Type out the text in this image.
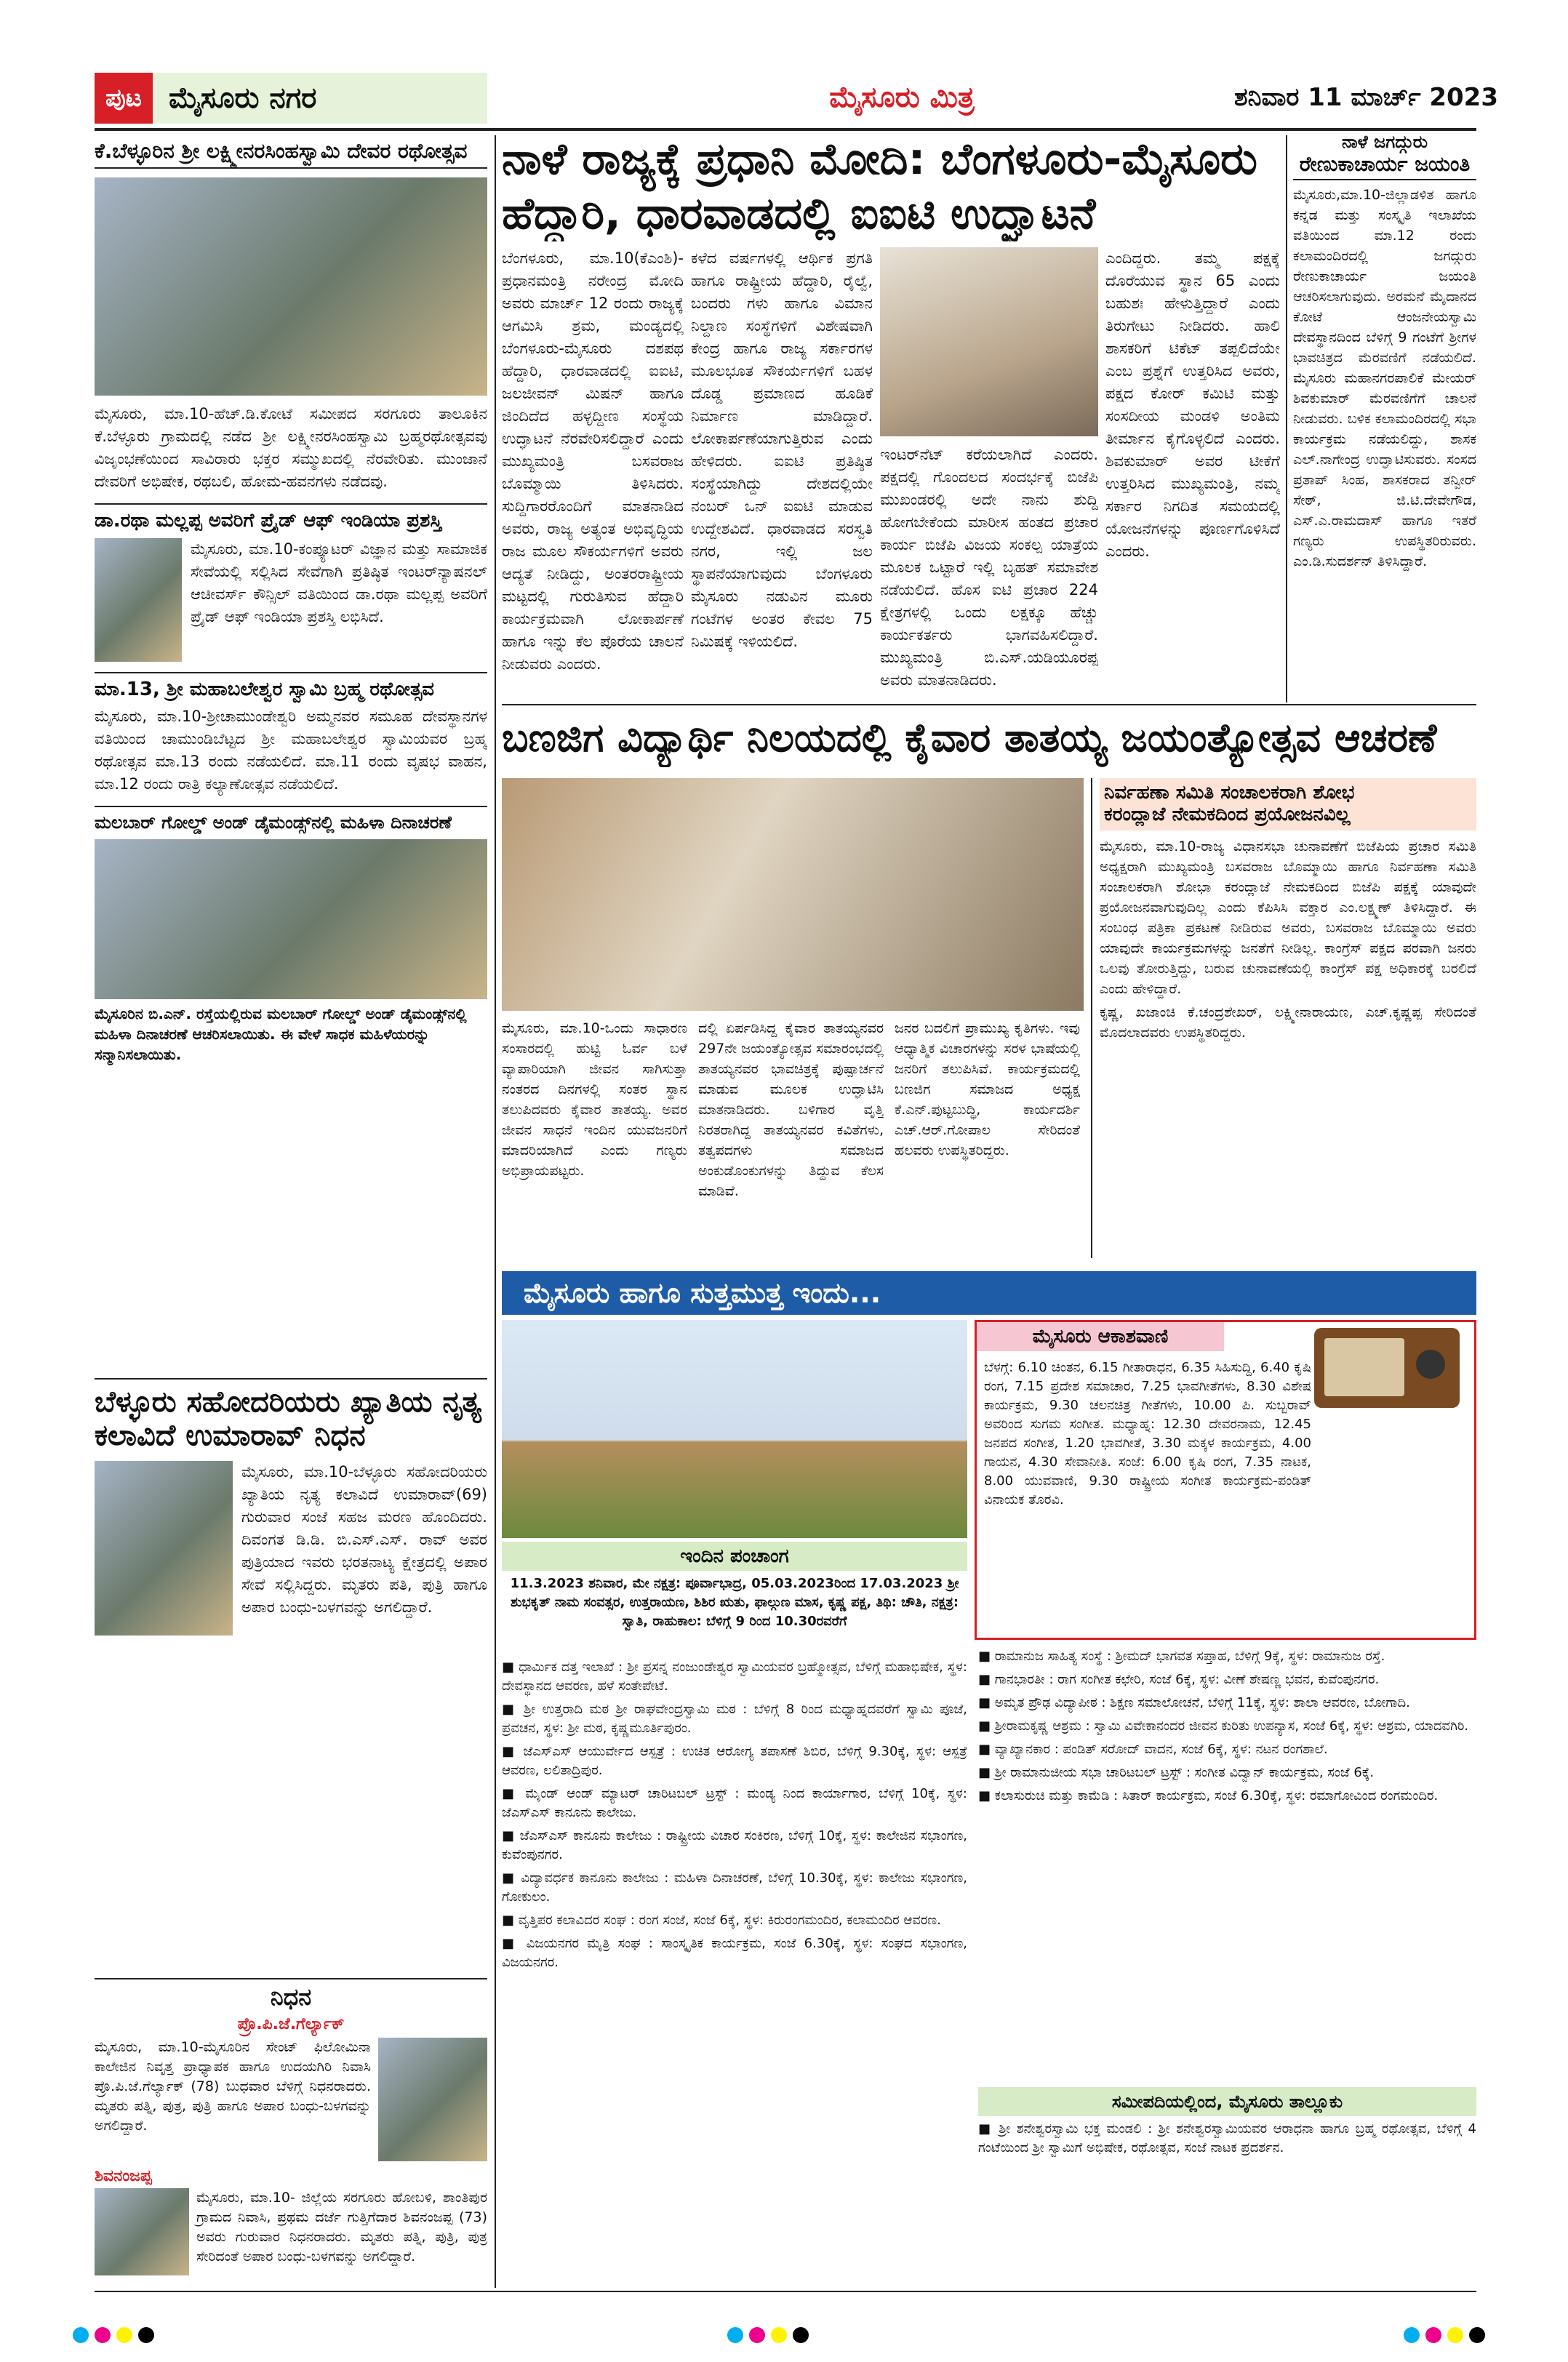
ಪುಟ ಮೈಸೂರು ನಗರ	ಮೈಸೂರು ಮಿತ್ರ	ಶನಿವಾರ 11 ಮಾರ್ಚ್ 2023
ಕೆ.ಬೆಳ್ಳೂರಿನ ಶ್ರೀ ಲಕ್ಷ್ಮೀನರಸಿಂಹಸ್ವಾಮಿ ದೇವರ ರಥೋತ್ಸವ
ಮೈಸೂರು, ಮಾ.10-ಹೆಚ್.ಡಿ.ಕೋಟೆ ಸಮೀಪದ ಸರಗೂರು ತಾಲೂಕಿನ ಕೆ.ಬೆಳ್ಳೂರು ಗ್ರಾಮದಲ್ಲಿ ನಡೆದ ಶ್ರೀ ಲಕ್ಷ್ಮೀನರಸಿಂಹಸ್ವಾಮಿ ಬ್ರಹ್ಮರಥೋತ್ಸವವು ವಿಜೃಂಭಣೆಯಿಂದ ಸಾವಿರಾರು ಭಕ್ತರ ಸಮ್ಮುಖದಲ್ಲಿ ನೆರವೇರಿತು. ಮುಂಜಾನೆ ದೇವರಿಗೆ ಅಭಿಷೇಕ, ರಥಬಲಿ, ಹೋಮ-ಹವನಗಳು ನಡೆದವು.
ಡಾ.ರಥಾ ಮಲ್ಲಪ್ಪ ಅವರಿಗೆ ಪ್ರೈಡ್ ಆಫ್ ಇಂಡಿಯಾ ಪ್ರಶಸ್ತಿ
ಮೈಸೂರು, ಮಾ.10-ಕಂಪ್ಯೂಟರ್ ವಿಜ್ಞಾನ ಮತ್ತು ಸಾಮಾಜಿಕ ಸೇವೆಯಲ್ಲಿ ಸಲ್ಲಿಸಿದ ಸೇವೆಗಾಗಿ ಪ್ರತಿಷ್ಠಿತ ಇಂಟರ್‌ನ್ಯಾಷನಲ್ ಆಚೀವರ್ಸ್ ಕೌನ್ಸಿಲ್ ವತಿಯಿಂದ ಡಾ.ರಥಾ ಮಲ್ಲಪ್ಪ ಅವರಿಗೆ ಪ್ರೈಡ್ ಆಫ್ ಇಂಡಿಯಾ ಪ್ರಶಸ್ತಿ ಲಭಿಸಿದೆ.
ಮಾ.13, ಶ್ರೀ ಮಹಾಬಲೇಶ್ವರ ಸ್ವಾಮಿ ಬ್ರಹ್ಮ ರಥೋತ್ಸವ
ಮೈಸೂರು, ಮಾ.10-ಶ್ರೀಚಾಮುಂಡೇಶ್ವರಿ ಅಮ್ಮನವರ ಸಮೂಹ ದೇವಸ್ಥಾನಗಳ ವತಿಯಿಂದ ಚಾಮುಂಡಿಬೆಟ್ಟದ ಶ್ರೀ ಮಹಾಬಲೇಶ್ವರ ಸ್ವಾಮಿಯವರ ಬ್ರಹ್ಮ ರಥೋತ್ಸವ ಮಾ.13 ರಂದು ನಡೆಯಲಿದೆ. ಮಾ.11 ರಂದು ವೃಷಭ ವಾಹನ, ಮಾ.12 ರಂದು ರಾತ್ರಿ ಕಲ್ಯಾಣೋತ್ಸವ ನಡೆಯಲಿದೆ.
ಮಲಬಾರ್ ಗೋಲ್ಡ್ ಅಂಡ್ ಡೈಮಂಡ್ಸ್‌ನಲ್ಲಿ ಮಹಿಳಾ ದಿನಾಚರಣೆ
ಮೈಸೂರಿನ ಬಿ.ಎನ್. ರಸ್ತೆಯಲ್ಲಿರುವ ಮಲಬಾರ್ ಗೋಲ್ಡ್ ಅಂಡ್ ಡೈಮಂಡ್ಸ್‌ನಲ್ಲಿ ಮಹಿಳಾ ದಿನಾಚರಣೆ ಆಚರಿಸಲಾಯಿತು. ಈ ವೇಳೆ ಸಾಧಕ ಮಹಿಳೆಯರನ್ನು ಸನ್ಮಾನಿಸಲಾಯಿತು.
ಬೆಳ್ಳೂರು ಸಹೋದರಿಯರು ಖ್ಯಾತಿಯ ನೃತ್ಯ ಕಲಾವಿದೆ ಉಮಾರಾವ್ ನಿಧನ
ಮೈಸೂರು, ಮಾ.10-ಬೆಳ್ಳೂರು ಸಹೋದರಿಯರು ಖ್ಯಾತಿಯ ನೃತ್ಯ ಕಲಾವಿದೆ ಉಮಾರಾವ್(69) ಗುರುವಾರ ಸಂಜೆ ಸಹಜ ಮರಣ ಹೊಂದಿದರು. ದಿವಂಗತ ಡಿ.ಡಿ. ಬಿ.ಎಸ್.ಎಸ್. ರಾವ್ ಅವರ ಪುತ್ರಿಯಾದ ಇವರು ಭರತನಾಟ್ಯ ಕ್ಷೇತ್ರದಲ್ಲಿ ಅಪಾರ ಸೇವೆ ಸಲ್ಲಿಸಿದ್ದರು. ಮೃತರು ಪತಿ, ಪುತ್ರಿ ಹಾಗೂ ಅಪಾರ ಬಂಧು-ಬಳಗವನ್ನು ಅಗಲಿದ್ದಾರೆ.
ನಿಧನ
ಪ್ರೊ.ಪಿ.ಜೆ.ಗೆರ್ಲ್ಯಾಕ್
ಮೈಸೂರು, ಮಾ.10-ಮೈಸೂರಿನ ಸೇಂಟ್ ಫಿಲೋಮಿನಾ ಕಾಲೇಜಿನ ನಿವೃತ್ತ ಪ್ರಾಧ್ಯಾಪಕ ಹಾಗೂ ಉದಯಗಿರಿ ನಿವಾಸಿ ಪ್ರೊ.ಪಿ.ಜೆ.ಗೆರ್ಲ್ಯಾಕ್ (78) ಬುಧವಾರ ಬೆಳಿಗ್ಗೆ ನಿಧನರಾದರು. ಮೃತರು ಪತ್ನಿ, ಪುತ್ರ, ಪುತ್ರಿ ಹಾಗೂ ಅಪಾರ ಬಂಧು-ಬಳಗವನ್ನು ಅಗಲಿದ್ದಾರೆ.
ಶಿವನಂಜಪ್ಪ
ಮೈಸೂರು, ಮಾ.10- ಜಿಲ್ಲೆಯ ಸರಗೂರು ಹೋಬಳಿ, ಶಾಂತಿಪುರ ಗ್ರಾಮದ ನಿವಾಸಿ, ಪ್ರಥಮ ದರ್ಜೆ ಗುತ್ತಿಗೆದಾರ ಶಿವನಂಜಪ್ಪ (73) ಅವರು ಗುರುವಾರ ನಿಧನರಾದರು. ಮೃತರು ಪತ್ನಿ, ಪುತ್ರಿ, ಪುತ್ರ ಸೇರಿದಂತೆ ಅಪಾರ ಬಂಧು-ಬಳಗವನ್ನು ಅಗಲಿದ್ದಾರೆ.
ನಾಳೆ ರಾಜ್ಯಕ್ಕೆ ಪ್ರಧಾನಿ ಮೋದಿ: ಬೆಂಗಳೂರು-ಮೈಸೂರು
ಹೆದ್ದಾರಿ, ಧಾರವಾಡದಲ್ಲಿ ಐಐಟಿ ಉದ್ಘಾಟನೆ
ಬೆಂಗಳೂರು, ಮಾ.10(ಕೆಎಂಶಿ)- ಪ್ರಧಾನಮಂತ್ರಿ ನರೇಂದ್ರ ಮೋದಿ ಅವರು ಮಾರ್ಚ್ 12 ರಂದು ರಾಜ್ಯಕ್ಕೆ ಆಗಮಿಸಿ ಶ್ರಮ, ಮಂಡ್ಯದಲ್ಲಿ ಬೆಂಗಳೂರು-ಮೈಸೂರು ದಶಪಥ ಹೆದ್ದಾರಿ, ಧಾರವಾಡದಲ್ಲಿ ಐಐಟಿ, ಜಲಜೀವನ್ ಮಿಷನ್ ಹಾಗೂ ಜಿಂದಿದೆದ ಹಳ್ಳದ್ದೀಣ ಸಂಸ್ಥೆಯ ಉದ್ಘಾಟನೆ ನೆರವೇರಿಸಲಿದ್ದಾರೆ ಎಂದು ಮುಖ್ಯಮಂತ್ರಿ ಬಸವರಾಜ ಬೊಮ್ಮಾಯಿ ತಿಳಿಸಿದರು. ಸುದ್ದಿಗಾರರೊಂದಿಗೆ ಮಾತನಾಡಿದ ಅವರು, ರಾಜ್ಯ ಅತ್ಯಂತ ಅಭಿವೃದ್ಧಿಯ ರಾಜ ಮೂಲ ಸೌಕರ್ಯಗಳಿಗೆ ಅವರು ಆದ್ಯತೆ ನೀಡಿದ್ದು, ಅಂತರರಾಷ್ಟ್ರೀಯ ಮಟ್ಟದಲ್ಲಿ ಗುರುತಿಸುವ ಹೆದ್ದಾರಿ ಕಾರ್ಯಕ್ರಮವಾಗಿ ಲೋಕಾರ್ಪಣೆ ಹಾಗೂ ಇನ್ನು ಕೆಲ ಪೊರೆಯ ಚಾಲನೆ ನೀಡುವರು ಎಂದರು.
ಕಳೆದ ವರ್ಷಗಳಲ್ಲಿ ಆರ್ಥಿಕ ಪ್ರಗತಿ ಹಾಗೂ ರಾಷ್ಟ್ರೀಯ ಹೆದ್ದಾರಿ, ರೈಲ್ವೆ, ಬಂದರು ಗಳು ಹಾಗೂ ವಿಮಾನ ನಿಲ್ದಾಣ ಸಂಸ್ಥೆಗಳಿಗೆ ವಿಶೇಷವಾಗಿ ಕೇಂದ್ರ ಹಾಗೂ ರಾಜ್ಯ ಸರ್ಕಾರಗಳ ಮೂಲಭೂತ ಸೌಕರ್ಯಗಳಿಗೆ ಬಹಳ ದೊಡ್ಡ ಪ್ರಮಾಣದ ಹೂಡಿಕೆ ನಿರ್ಮಾಣ ಮಾಡಿದ್ದಾರೆ. ಲೋಕಾರ್ಪಣೆಯಾಗುತ್ತಿರುವ ಎಂದು ಹೇಳಿದರು. ಐಐಟಿ ಪ್ರತಿಷ್ಠಿತ ಸಂಸ್ಥೆಯಾಗಿದ್ದು ದೇಶದಲ್ಲಿಯೇ ನಂಬರ್ ಒನ್ ಐಐಟಿ ಮಾಡುವ ಉದ್ದೇಶವಿದೆ. ಧಾರವಾಡದ ಸರಸ್ವತಿ ನಗರ, ಇಲ್ಲಿ ಜಲ ಸ್ಥಾಪನೆಯಾಗುವುದು ಬೆಂಗಳೂರು ಮೈಸೂರು ನಡುವಿನ ಮೂರು ಗಂಟೆಗಳ ಅಂತರ ಕೇವಲ 75 ನಿಮಿಷಕ್ಕೆ ಇಳಿಯಲಿದೆ.
ಇಂಟರ್‌ನೆಟ್ ಕರೆಯಲಾಗಿದೆ ಎಂದರು. ಪಕ್ಷದಲ್ಲಿ ಗೊಂದಲದ ಸಂದರ್ಭಕ್ಕೆ ಬಿಜೆಪಿ ಮುಖಂಡರಲ್ಲಿ ಅದೇ ನಾನು ಶುದ್ದಿ ಹೋಗಬೇಕೆಂದು ಮಾರೀಸ ಹಂತದ ಪ್ರಚಾರ ಕಾರ್ಯ ಬಿಜೆಪಿ ವಿಜಯ ಸಂಕಲ್ಪ ಯಾತ್ರೆಯ ಮೂಲಕ ಒಟ್ಟಾರೆ ಇಲ್ಲಿ ಬೃಹತ್ ಸಮಾವೇಶ ನಡೆಯಲಿದೆ. ಹೊಸ ಐಟಿ ಪ್ರಚಾರ 224 ಕ್ಷೇತ್ರಗಳಲ್ಲಿ ಒಂದು ಲಕ್ಷಕ್ಕೂ ಹೆಚ್ಚು ಕಾರ್ಯಕರ್ತರು ಭಾಗವಹಿಸಲಿದ್ದಾರೆ. ಮುಖ್ಯಮಂತ್ರಿ ಬಿ.ಎಸ್.ಯಡಿಯೂರಪ್ಪ ಅವರು ಮಾತನಾಡಿದರು.
ಎಂದಿದ್ದರು. ತಮ್ಮ ಪಕ್ಷಕ್ಕೆ ದೊರೆಯುವ ಸ್ಥಾನ 65 ಎಂದು ಬಹುಶಃ ಹೇಳುತ್ತಿದ್ದಾರೆ ಎಂದು ತಿರುಗೇಟು ನೀಡಿದರು. ಹಾಲಿ ಶಾಸಕರಿಗೆ ಟಿಕೆಟ್ ತಪ್ಪಲಿದೆಯೇ ಎಂಬ ಪ್ರಶ್ನೆಗೆ ಉತ್ತರಿಸಿದ ಅವರು, ಪಕ್ಷದ ಕೋರ್ ಕಮಿಟಿ ಮತ್ತು ಸಂಸದೀಯ ಮಂಡಳಿ ಅಂತಿಮ ತೀರ್ಮಾನ ಕೈಗೊಳ್ಳಲಿದೆ ಎಂದರು. ಶಿವಕುಮಾರ್ ಅವರ ಟೀಕೆಗೆ ಉತ್ತರಿಸಿದ ಮುಖ್ಯಮಂತ್ರಿ, ನಮ್ಮ ಸರ್ಕಾರ ನಿಗದಿತ ಸಮಯದಲ್ಲಿ ಯೋಜನೆಗಳನ್ನು ಪೂರ್ಣಗೊಳಿಸಿದೆ ಎಂದರು.
ನಾಳೆ ಜಗದ್ಗುರು
ರೇಣುಕಾಚಾರ್ಯ ಜಯಂತಿ
ಮೈಸೂರು,ಮಾ.10-ಜಿಲ್ಲಾಡಳಿತ ಹಾಗೂ ಕನ್ನಡ ಮತ್ತು ಸಂಸ್ಕೃತಿ ಇಲಾಖೆಯ ವತಿಯಿಂದ ಮಾ.12 ರಂದು ಕಲಾಮಂದಿರದಲ್ಲಿ ಜಗದ್ಗುರು ರೇಣುಕಾಚಾರ್ಯ ಜಯಂತಿ ಆಚರಿಸಲಾಗುವುದು. ಅರಮನೆ ಮೈದಾನದ ಕೋಟೆ ಆಂಜನೇಯಸ್ವಾಮಿ ದೇವಸ್ಥಾನದಿಂದ ಬೆಳಿಗ್ಗೆ 9 ಗಂಟೆಗೆ ಶ್ರೀಗಳ ಭಾವಚಿತ್ರದ ಮೆರವಣಿಗೆ ನಡೆಯಲಿದೆ. ಮೈಸೂರು ಮಹಾನಗರಪಾಲಿಕೆ ಮೇಯರ್ ಶಿವಕುಮಾರ್ ಮೆರವಣಿಗೆಗೆ ಚಾಲನೆ ನೀಡುವರು. ಬಳಿಕ ಕಲಾಮಂದಿರದಲ್ಲಿ ಸಭಾ ಕಾರ್ಯಕ್ರಮ ನಡೆಯಲಿದ್ದು, ಶಾಸಕ ಎಲ್.ನಾಗೇಂದ್ರ ಉದ್ಘಾಟಿಸುವರು. ಸಂಸದ ಪ್ರತಾಪ್ ಸಿಂಹ, ಶಾಸಕರಾದ ತನ್ವೀರ್ ಸೇಠ್, ಜಿ.ಟಿ.ದೇವೇಗೌಡ, ಎಸ್.ಎ.ರಾಮದಾಸ್ ಹಾಗೂ ಇತರೆ ಗಣ್ಯರು ಉಪಸ್ಥಿತರಿರುವರು. ಎಂ.ಡಿ.ಸುದರ್ಶನ್ ತಿಳಿಸಿದ್ದಾರೆ.
ಬಣಜಿಗ ವಿದ್ಯಾರ್ಥಿ ನಿಲಯದಲ್ಲಿ ಕೈವಾರ ತಾತಯ್ಯ ಜಯಂತ್ಯೋತ್ಸವ ಆಚರಣೆ
ಮೈಸೂರು, ಮಾ.10-ಒಂದು ಸಾಧಾರಣ ಸಂಸಾರದಲ್ಲಿ ಹುಟ್ಟಿ ಓರ್ವ ಬಳೆ ವ್ಯಾಪಾರಿಯಾಗಿ ಜೀವನ ಸಾಗಿಸುತ್ತಾ ನಂತರದ ದಿನಗಳಲ್ಲಿ ಸಂತರ ಸ್ಥಾನ ತಲುಪಿದವರು ಕೈವಾರ ತಾತಯ್ಯ. ಅವರ ಜೀವನ ಸಾಧನೆ ಇಂದಿನ ಯುವಜನರಿಗೆ ಮಾದರಿಯಾಗಿದೆ ಎಂದು ಗಣ್ಯರು ಅಭಿಪ್ರಾಯಪಟ್ಟರು.
ದಲ್ಲಿ ಏರ್ಪಡಿಸಿದ್ದ ಕೈವಾರ ತಾತಯ್ಯನವರ 297ನೇ ಜಯಂತ್ಯೋತ್ಸವ ಸಮಾರಂಭದಲ್ಲಿ ತಾತಯ್ಯನವರ ಭಾವಚಿತ್ರಕ್ಕೆ ಪುಷ್ಪಾರ್ಚನೆ ಮಾಡುವ ಮೂಲಕ ಉದ್ಘಾಟಿಸಿ ಮಾತನಾಡಿದರು. ಬಳಿಗಾರ ವೃತ್ತಿ ನಿರತರಾಗಿದ್ದ ತಾತಯ್ಯನವರ ಕವಿತೆಗಳು, ತತ್ವಪದಗಳು ಸಮಾಜದ ಅಂಕುಡೊಂಕುಗಳನ್ನು ತಿದ್ದುವ ಕೆಲಸ ಮಾಡಿವೆ.
ಜನರ ಬದಲಿಗೆ ಪ್ರಾಮುಖ್ಯ ಕೃತಿಗಳು. ಇವು ಆಧ್ಯಾತ್ಮಿಕ ವಿಚಾರಗಳನ್ನು ಸರಳ ಭಾಷೆಯಲ್ಲಿ ಜನರಿಗೆ ತಲುಪಿಸಿವೆ. ಕಾರ್ಯಕ್ರಮದಲ್ಲಿ ಬಣಜಿಗ ಸಮಾಜದ ಅಧ್ಯಕ್ಷ ಕೆ.ಎನ್.ಪುಟ್ಟಬುದ್ಧಿ, ಕಾರ್ಯದರ್ಶಿ ಎಚ್.ಆರ್.ಗೋಪಾಲ ಸೇರಿದಂತೆ ಹಲವರು ಉಪಸ್ಥಿತರಿದ್ದರು.
ನಿರ್ವಹಣಾ ಸಮಿತಿ ಸಂಚಾಲಕರಾಗಿ ಶೋಭ
ಕರಂದ್ಲಾಜೆ ನೇಮಕದಿಂದ ಪ್ರಯೋಜನವಿಲ್ಲ
ಮೈಸೂರು, ಮಾ.10-ರಾಜ್ಯ ವಿಧಾನಸಭಾ ಚುನಾವಣೆಗೆ ಬಿಜೆಪಿಯ ಪ್ರಚಾರ ಸಮಿತಿ ಅಧ್ಯಕ್ಷರಾಗಿ ಮುಖ್ಯಮಂತ್ರಿ ಬಸವರಾಜ ಬೊಮ್ಮಾಯಿ ಹಾಗೂ ನಿರ್ವಹಣಾ ಸಮಿತಿ ಸಂಚಾಲಕರಾಗಿ ಶೋಭಾ ಕರಂದ್ಲಾಜೆ ನೇಮಕದಿಂದ ಬಿಜೆಪಿ ಪಕ್ಷಕ್ಕೆ ಯಾವುದೇ ಪ್ರಯೋಜನವಾಗುವುದಿಲ್ಲ ಎಂದು ಕೆಪಿಸಿಸಿ ವಕ್ತಾರ ಎಂ.ಲಕ್ಷ್ಮಣ್ ತಿಳಿಸಿದ್ದಾರೆ. ಈ ಸಂಬಂಧ ಪತ್ರಿಕಾ ಪ್ರಕಟಣೆ ನೀಡಿರುವ ಅವರು, ಬಸವರಾಜ ಬೊಮ್ಮಾಯಿ ಅವರು ಯಾವುದೇ ಕಾರ್ಯಕ್ರಮಗಳನ್ನು ಜನತೆಗೆ ನೀಡಿಲ್ಲ. ಕಾಂಗ್ರೆಸ್ ಪಕ್ಷದ ಪರವಾಗಿ ಜನರು ಒಲವು ತೋರುತ್ತಿದ್ದು, ಬರುವ ಚುನಾವಣೆಯಲ್ಲಿ ಕಾಂಗ್ರೆಸ್ ಪಕ್ಷ ಅಧಿಕಾರಕ್ಕೆ ಬರಲಿದೆ ಎಂದು ಹೇಳಿದ್ದಾರೆ.
ಕೃಷ್ಣ, ಖಜಾಂಚಿ ಕೆ.ಚಂದ್ರಶೇಖರ್, ಲಕ್ಷ್ಮೀನಾರಾಯಣ, ಎಚ್.ಕೃಷ್ಣಪ್ಪ ಸೇರಿದಂತೆ ಮೊದಲಾದವರು ಉಪಸ್ಥಿತರಿದ್ದರು.
ಮೈಸೂರು ಹಾಗೂ ಸುತ್ತಮುತ್ತ ಇಂದು...
ಇಂದಿನ ಪಂಚಾಂಗ
11.3.2023 ಶನಿವಾರ, ಮೇ ನಕ್ಷತ್ರ: ಪೂರ್ವಾಭಾದ್ರ, 05.03.2023ರಿಂದ 17.03.2023 ಶ್ರೀ ಶುಭಕೃತ್ ನಾಮ ಸಂವತ್ಸರ, ಉತ್ತರಾಯಣ, ಶಿಶಿರ ಋತು, ಫಾಲ್ಗುಣ ಮಾಸ, ಕೃಷ್ಣ ಪಕ್ಷ, ತಿಥಿ: ಚೌತಿ, ನಕ್ಷತ್ರ: ಸ್ವಾತಿ, ರಾಹುಕಾಲ: ಬೆಳಿಗ್ಗೆ 9 ರಿಂದ 10.30ರವರೆಗೆ
ಮೈಸೂರು ಆಕಾಶವಾಣಿ
ಬೆಳಗ್ಗೆ: 6.10 ಚಿಂತನ, 6.15 ಗೀತಾರಾಧನ, 6.35 ಸಿಹಿಸುದ್ದಿ, 6.40 ಕೃಷಿ ರಂಗ, 7.15 ಪ್ರದೇಶ ಸಮಾಚಾರ, 7.25 ಭಾವಗೀತೆಗಳು, 8.30 ವಿಶೇಷ ಕಾರ್ಯಕ್ರಮ, 9.30 ಚಲನಚಿತ್ರ ಗೀತೆಗಳು, 10.00 ಪಿ. ಸುಬ್ಬರಾವ್ ಅವರಿಂದ ಸುಗಮ ಸಂಗೀತ. ಮಧ್ಯಾಹ್ನ: 12.30 ದೇವರನಾಮ, 12.45 ಜನಪದ ಸಂಗೀತ, 1.20 ಭಾವಗೀತೆ, 3.30 ಮಕ್ಕಳ ಕಾರ್ಯಕ್ರಮ, 4.00 ಗಾಯನ, 4.30 ಸೇವಾನೀತಿ. ಸಂಜೆ: 6.00 ಕೃಷಿ ರಂಗ, 7.35 ನಾಟಕ, 8.00 ಯುವವಾಣಿ, 9.30 ರಾಷ್ಟ್ರೀಯ ಸಂಗೀತ ಕಾರ್ಯಕ್ರಮ-ಪಂಡಿತ್ ವಿನಾಯಕ ತೊರವಿ.

■ ಧಾರ್ಮಿಕ ದತ್ತ ಇಲಾಖೆ : ಶ್ರೀ ಪ್ರಸನ್ನ ನಂಜುಂಡೇಶ್ವರ ಸ್ವಾಮಿಯವರ ಬ್ರಹ್ಮೋತ್ಸವ, ಬೆಳಿಗ್ಗೆ ಮಹಾಭಿಷೇಕ, ಸ್ಥಳ: ದೇವಸ್ಥಾನದ ಆವರಣ, ಹಳೆ ಸಂತೇಪೇಟೆ.

■ ಶ್ರೀ ಉತ್ತರಾದಿ ಮಠ ಶ್ರೀ ರಾಘವೇಂದ್ರಸ್ವಾಮಿ ಮಠ : ಬೆಳಿಗ್ಗೆ 8 ರಿಂದ ಮಧ್ಯಾಹ್ನದವರೆಗೆ ಸ್ವಾಮಿ ಪೂಜೆ, ಪ್ರವಚನ, ಸ್ಥಳ: ಶ್ರೀ ಮಠ, ಕೃಷ್ಣಮೂರ್ತಿಪುರಂ.

■ ಜೆಎಸ್‌ಎಸ್ ಆಯುರ್ವೇದ ಆಸ್ಪತ್ರೆ : ಉಚಿತ ಆರೋಗ್ಯ ತಪಾಸಣೆ ಶಿಬಿರ, ಬೆಳಿಗ್ಗೆ 9.30ಕ್ಕೆ, ಸ್ಥಳ: ಆಸ್ಪತ್ರೆ ಆವರಣ, ಲಲಿತಾದ್ರಿಪುರ.

■ ಮೈಂಡ್ ಆಂಡ್ ಮ್ಯಾಟರ್ ಚಾರಿಟಬಲ್ ಟ್ರಸ್ಟ್ : ಮಂಡ್ಯ ನಿಂದ ಕಾರ್ಯಾಗಾರ, ಬೆಳಿಗ್ಗೆ 10ಕ್ಕೆ, ಸ್ಥಳ: ಜೆಎಸ್‌ಎಸ್ ಕಾನೂನು ಕಾಲೇಜು.

■ ಜೆಎಸ್‌ಎಸ್ ಕಾನೂನು ಕಾಲೇಜು : ರಾಷ್ಟ್ರೀಯ ವಿಚಾರ ಸಂಕಿರಣ, ಬೆಳಿಗ್ಗೆ 10ಕ್ಕೆ, ಸ್ಥಳ: ಕಾಲೇಜಿನ ಸಭಾಂಗಣ, ಕುವೆಂಪುನಗರ.

■ ವಿದ್ಯಾವರ್ಧಕ ಕಾನೂನು ಕಾಲೇಜು : ಮಹಿಳಾ ದಿನಾಚರಣೆ, ಬೆಳಿಗ್ಗೆ 10.30ಕ್ಕೆ, ಸ್ಥಳ: ಕಾಲೇಜು ಸಭಾಂಗಣ, ಗೋಕುಲಂ.

■ ವೃತ್ತಿಪರ ಕಲಾವಿದರ ಸಂಘ : ರಂಗ ಸಂಜೆ, ಸಂಜೆ 6ಕ್ಕೆ, ಸ್ಥಳ: ಕಿರುರಂಗಮಂದಿರ, ಕಲಾಮಂದಿರ ಆವರಣ.

■ ವಿಜಯನಗರ ಮೈತ್ರಿ ಸಂಘ : ಸಾಂಸ್ಕೃತಿಕ ಕಾರ್ಯಕ್ರಮ, ಸಂಜೆ 6.30ಕ್ಕೆ, ಸ್ಥಳ: ಸಂಘದ ಸಭಾಂಗಣ, ವಿಜಯನಗರ.

■ ರಾಮಾನುಜ ಸಾಹಿತ್ಯ ಸಂಸ್ಥೆ : ಶ್ರೀಮದ್ ಭಾಗವತ ಸಪ್ತಾಹ, ಬೆಳಿಗ್ಗೆ 9ಕ್ಕೆ, ಸ್ಥಳ: ರಾಮಾನುಜ ರಸ್ತೆ.

■ ಗಾನಭಾರತೀ : ರಾಗ ಸಂಗೀತ ಕಛೇರಿ, ಸಂಜೆ 6ಕ್ಕೆ, ಸ್ಥಳ: ವೀಣೆ ಶೇಷಣ್ಣ ಭವನ, ಕುವೆಂಪುನಗರ.

■ ಅಮೃತ ಪ್ರೌಢ ವಿದ್ಯಾಪೀಠ : ಶಿಕ್ಷಣ ಸಮಾಲೋಚನೆ, ಬೆಳಿಗ್ಗೆ 11ಕ್ಕೆ, ಸ್ಥಳ: ಶಾಲಾ ಆವರಣ, ಬೋಗಾದಿ.

■ ಶ್ರೀರಾಮಕೃಷ್ಣ ಆಶ್ರಮ : ಸ್ವಾಮಿ ವಿವೇಕಾನಂದರ ಜೀವನ ಕುರಿತು ಉಪನ್ಯಾಸ, ಸಂಜೆ 6ಕ್ಕೆ, ಸ್ಥಳ: ಆಶ್ರಮ, ಯಾದವಗಿರಿ.

■ ವ್ಯಾಖ್ಯಾನಕಾರ : ಪಂಡಿತ್ ಸರೋದ್ ವಾದನ, ಸಂಜೆ 6ಕ್ಕೆ, ಸ್ಥಳ: ನಟನ ರಂಗಶಾಲೆ.

■ ಶ್ರೀ ರಾಮಾನುಜೀಯ ಸಭಾ ಚಾರಿಟಬಲ್ ಟ್ರಸ್ಟ್ : ಸಂಗೀತ ವಿದ್ವಾನ್ ಕಾರ್ಯಕ್ರಮ, ಸಂಜೆ 6ಕ್ಕೆ.

■ ಕಲಾಸುರುಚಿ ಮತ್ತು ಕಾಮೆಡಿ : ಸಿತಾರ್ ಕಾರ್ಯಕ್ರಮ, ಸಂಜೆ 6.30ಕ್ಕೆ, ಸ್ಥಳ: ರಮಾಗೋವಿಂದ ರಂಗಮಂದಿರ.

ಸಮೀಪದಿಯಲ್ಲಿಂದ, ಮೈಸೂರು ತಾಲ್ಲೂಕು
■ ಶ್ರೀ ಶನೇಶ್ವರಸ್ವಾಮಿ ಭಕ್ತ ಮಂಡಲಿ : ಶ್ರೀ ಶನೇಶ್ವರಸ್ವಾಮಿಯವರ ಆರಾಧನಾ ಹಾಗೂ ಬ್ರಹ್ಮ ರಥೋತ್ಸವ, ಬೆಳಿಗ್ಗೆ 4 ಗಂಟೆಯಿಂದ ಶ್ರೀ ಸ್ವಾಮಿಗೆ ಅಭಿಷೇಕ, ರಥೋತ್ಸವ, ಸಂಜೆ ನಾಟಕ ಪ್ರದರ್ಶನ.
